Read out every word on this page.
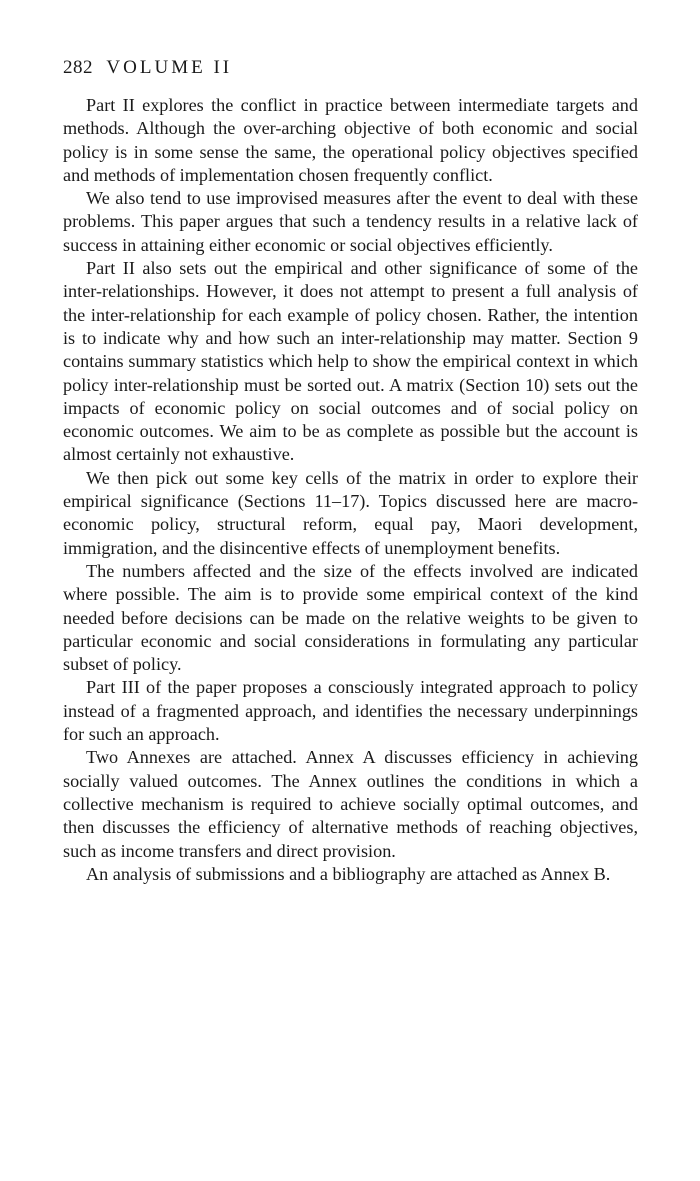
282 VOLUME II

Part II explores the conflict in practice between intermediate targets and methods. Although the over-arching objective of both economic and social policy is in some sense the same, the operational policy objectives specified and methods of implementation chosen frequently conflict.

We also tend to use improvised measures after the event to deal with these problems. This paper argues that such a tendency results in a relative lack of success in attaining either economic or social objectives efficiently.

Part II also sets out the empirical and other significance of some of the inter-relationships. However, it does not attempt to present a full analysis of the inter-relationship for each example of policy chosen. Rather, the intention is to indicate why and how such an inter-relationship may matter. Section 9 contains summary statistics which help to show the empirical context in which policy inter-relationship must be sorted out. A matrix (Section 10) sets out the impacts of economic policy on social outcomes and of social policy on economic outcomes. We aim to be as complete as possible but the account is almost certainly not exhaustive.

We then pick out some key cells of the matrix in order to explore their empirical significance (Sections 11–17). Topics discussed here are macro-economic policy, structural reform, equal pay, Maori development, immigration, and the disincentive effects of unemployment benefits.

The numbers affected and the size of the effects involved are indicated where possible. The aim is to provide some empirical context of the kind needed before decisions can be made on the relative weights to be given to particular economic and social considerations in formulating any particular subset of policy.

Part III of the paper proposes a consciously integrated approach to policy instead of a fragmented approach, and identifies the necessary underpinnings for such an approach.

Two Annexes are attached. Annex A discusses efficiency in achieving socially valued outcomes. The Annex outlines the conditions in which a collective mechanism is required to achieve socially optimal outcomes, and then discusses the efficiency of alternative methods of reaching objectives, such as income transfers and direct provision.

An analysis of submissions and a bibliography are attached as Annex B.
